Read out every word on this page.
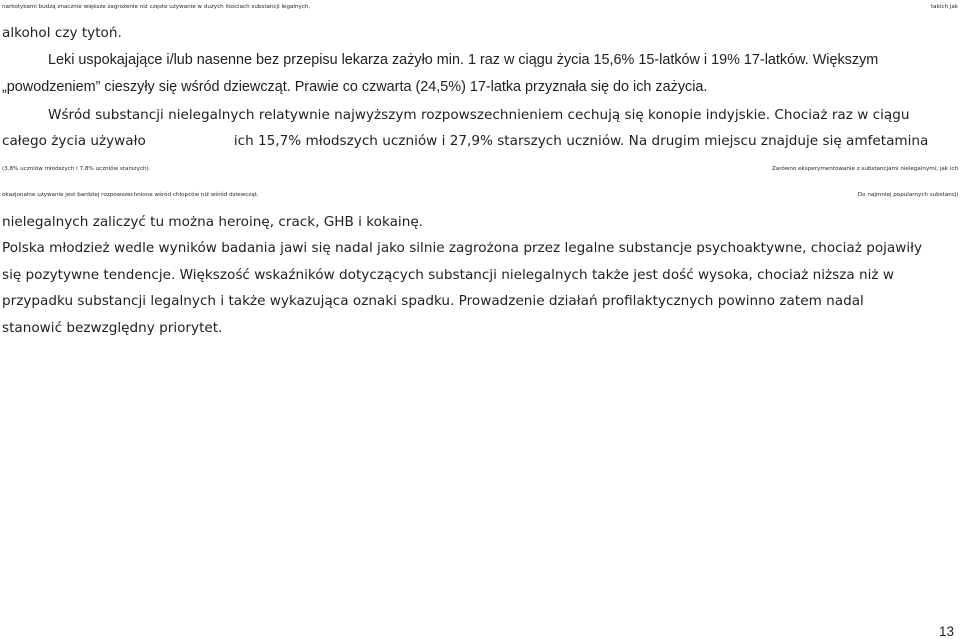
narkotykami budzą znacznie większe zagrożenie niż częste używanie w dużych ilościach substancji legalnych,	takich jak
alkohol czy tytoń.
Leki uspokajające i/lub nasenne bez przepisu lekarza zażyło min. 1 raz w ciągu życia 15,6% 15-latków i 19% 17-latków. Większym
„powodzeniem” cieszyły się wśród dziewcząt. Prawie co czwarta (24,5%) 17-latka przyznała się do ich zażycia.
Wśród substancji nielegalnych relatywnie najwyższym rozpowszechnieniem cechują się konopie indyjskie. Chociaż raz w ciągu
całego życia używało	ich 15,7% młodszych uczniów i 27,9% starszych uczniów. Na drugim miejscu znajduje się amfetamina
(3,8% uczniów młodszych i 7,8% uczniów starszych).	Zarówno eksperymentowanie z substancjami nielegalnymi, jak ich
okazjonalne używanie jest bardziej rozpowszechnione wśród chłopców niż wśród dziewcząt.	Do najmniej popularnych substancji
nielegalnych zaliczyć tu można heroinę, crack, GHB i kokainę.
Polska młodzież wedle wyników badania jawi się nadal jako silnie zagrożona przez legalne substancje psychoaktywne, chociaż pojawiły
się pozytywne tendencje. Większość wskaźników dotyczących substancji nielegalnych także jest dość wysoka, chociaż niższa niż w
przypadku substancji legalnych i także wykazująca oznaki spadku. Prowadzenie działań profilaktycznych powinno zatem nadal
stanowić bezwzględny priorytet.
13
